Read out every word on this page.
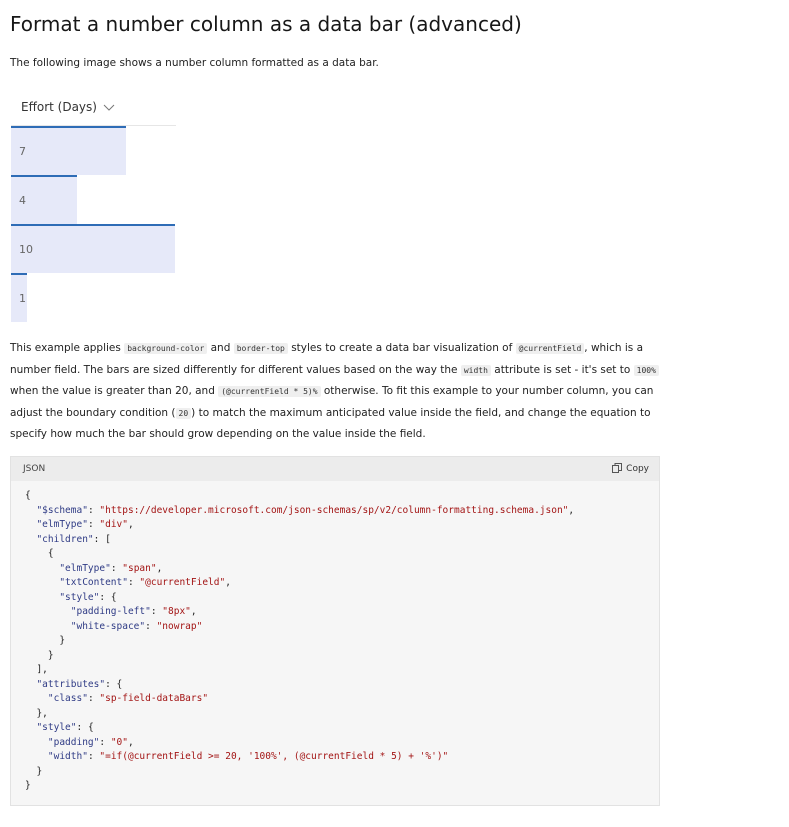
Format a number column as a data bar (advanced)

The following image shows a number column formatted as a data bar.

Effort (Days)
7
4
10
1

This example applies background-color and border-top styles to create a data bar visualization of @currentField , which is a number field. The bars are sized differently for different values based on the way the width attribute is set - it's set to 100% when the value is greater than 20, and (@currentField * 5)% otherwise. To fit this example to your number column, you can adjust the boundary condition ( 20 ) to match the maximum anticipated value inside the field, and change the equation to specify how much the bar should grow depending on the value inside the field.

JSON	Copy
{
"$schema": "https://developer.microsoft.com/json-schemas/sp/v2/column-formatting.schema.json",
"elmType": "div",
"children": [
{
"elmType": "span",
"txtContent": "@currentField",
"style": {
"padding-left": "8px",
"white-space": "nowrap"
}
}
],
"attributes": {
"class": "sp-field-dataBars"
},
"style": {
"padding": "0",
"width": "=if(@currentField >= 20, '100%', (@currentField * 5) + '%')"
}
}
